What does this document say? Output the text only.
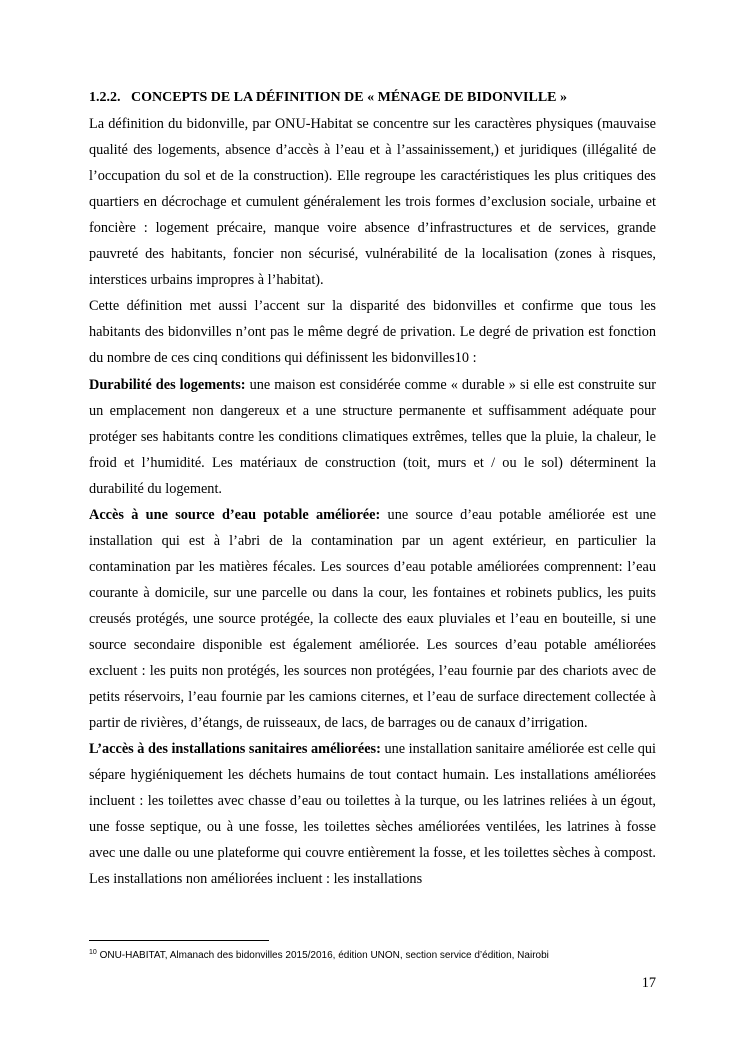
1.2.2. CONCEPTS DE LA DÉFINITION DE « MÉNAGE DE BIDONVILLE »

La définition du bidonville, par ONU-Habitat se concentre sur les caractères physiques (mauvaise qualité des logements, absence d’accès à l’eau et à l’assainissement,) et juridiques (illégalité de l’occupation du sol et de la construction). Elle regroupe les caractéristiques les plus critiques des quartiers en décrochage et cumulent généralement les trois formes d’exclusion sociale, urbaine et foncière : logement précaire, manque voire absence d’infrastructures et de services, grande pauvreté des habitants, foncier non sécurisé, vulnérabilité de la localisation (zones à risques, interstices urbains impropres à l’habitat).

Cette définition met aussi l’accent sur la disparité des bidonvilles et confirme que tous les habitants des bidonvilles n’ont pas le même degré de privation. Le degré de privation est fonction du nombre de ces cinq conditions qui définissent les bidonvilles10 :

Durabilité des logements: une maison est considérée comme « durable » si elle est construite sur un emplacement non dangereux et a une structure permanente et suffisamment adéquate pour protéger ses habitants contre les conditions climatiques extrêmes, telles que la pluie, la chaleur, le froid et l’humidité. Les matériaux de construction (toit, murs et / ou le sol) déterminent la durabilité du logement.

Accès à une source d’eau potable améliorée: une source d’eau potable améliorée est une installation qui est à l’abri de la contamination par un agent extérieur, en particulier la contamination par les matières fécales. Les sources d’eau potable améliorées comprennent: l’eau courante à domicile, sur une parcelle ou dans la cour, les fontaines et robinets publics, les puits creusés protégés, une source protégée, la collecte des eaux pluviales et l’eau en bouteille, si une source secondaire disponible est également améliorée. Les sources d’eau potable améliorées excluent : les puits non protégés, les sources non protégées, l’eau fournie par des chariots avec de petits réservoirs, l’eau fournie par les camions citernes, et l’eau de surface directement collectée à partir de rivières, d’étangs, de ruisseaux, de lacs, de barrages ou de canaux d’irrigation.

L’accès à des installations sanitaires améliorées: une installation sanitaire améliorée est celle qui sépare hygiéniquement les déchets humains de tout contact humain. Les installations améliorées incluent : les toilettes avec chasse d’eau ou toilettes à la turque, ou les latrines reliées à un égout, une fosse septique, ou à une fosse, les toilettes sèches améliorées ventilées, les latrines à fosse avec une dalle ou une plateforme qui couvre entièrement la fosse, et les toilettes sèches à compost. Les installations non améliorées incluent : les installations

$^{10}$ ONU-HABITAT, Almanach des bidonvilles 2015/2016, édition UNON, section service d’édition, Nairobi
17
